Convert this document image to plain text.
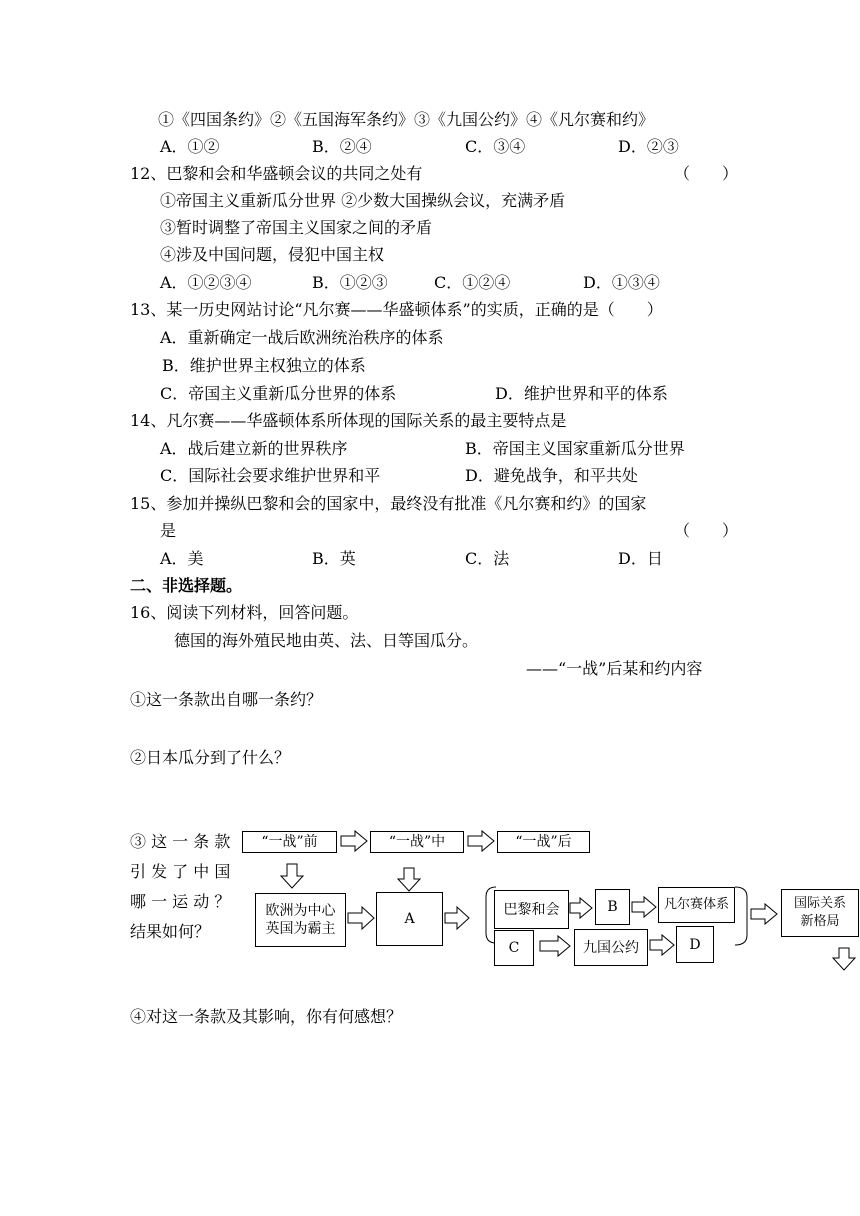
①《四国条约》②《五国海军条约》③《九国公约》④《凡尔赛和约》
A．①②	B．②④	C．③④	D．②③
12、巴黎和会和华盛顿会议的共同之处有	（　　）
①帝国主义重新瓜分世界 ②少数大国操纵会议，充满矛盾
③暂时调整了帝国主义国家之间的矛盾
④涉及中国问题，侵犯中国主权
A．①②③④	B．①②③	C．①②④	D．①③④
13、某一历史网站讨论“凡尔赛——华盛顿体系”的实质，正确的是（　　）
A．重新确定一战后欧洲统治秩序的体系
B．维护世界主权独立的体系
C．帝国主义重新瓜分世界的体系	D．维护世界和平的体系
14、凡尔赛——华盛顿体系所体现的国际关系的最主要特点是
A．战后建立新的世界秩序	B．帝国主义国家重新瓜分世界
C．国际社会要求维护世界和平	D．避免战争，和平共处
15、参加并操纵巴黎和会的国家中，最终没有批准《凡尔赛和约》的国家
是	（　　）
A．美	B．英	C．法	D．日
二、非选择题。
16、阅读下列材料，回答问题。
德国的海外殖民地由英、法、日等国瓜分。
——“一战”后某和约内容
①这一条款出自哪一条约？
②日本瓜分到了什么？
③ 这 一 条 款
引 发 了 中 国
哪 一 运 动 ？
结果如何？
④对这一条款及其影响，你有何感想？
“一战”前	“一战”中	“一战”后
欧洲为中心
英国为霸主
A
巴黎和会	B	凡尔赛体系
C	九国公约	D
国际关系
新格局
